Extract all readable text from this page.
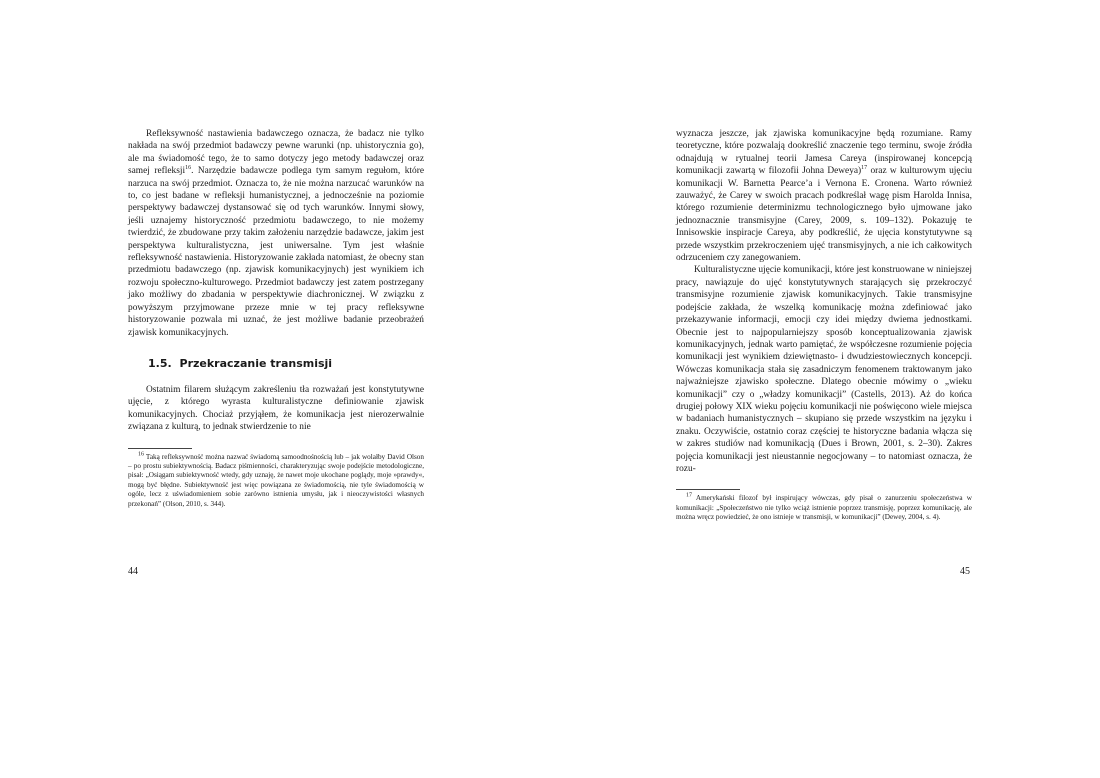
Refleksywność nastawienia badawczego oznacza, że badacz nie tylko nakłada na swój przedmiot badawczy pewne warunki (np. uhistorycznia go), ale ma świadomość tego, że to samo dotyczy jego metody badawczej oraz samej refleksji$^{16}$. Narzędzie badawcze podlega tym samym regułom, które narzuca na swój przedmiot. Oznacza to, że nie można narzucać warunków na to, co jest badane w refleksji humanistycznej, a jednocześnie na poziomie perspektywy badawczej dystansować się od tych warunków. Innymi słowy, jeśli uznajemy historyczność przedmiotu badawczego, to nie możemy twierdzić, że zbudowane przy takim założeniu narzędzie badawcze, jakim jest perspektywa kulturalistyczna, jest uniwersalne. Tym jest właśnie refleksywność nastawienia. Historyzowanie zakłada natomiast, że obecny stan przedmiotu badawczego (np. zjawisk komunikacyjnych) jest wynikiem ich rozwoju społeczno-kulturowego. Przedmiot badawczy jest zatem postrzegany jako możliwy do zbadania w perspektywie diachronicznej. W związku z powyższym przyjmowane przeze mnie w tej pracy refleksywne historyzowanie pozwala mi uznać, że jest możliwe badanie przeobrażeń zjawisk komunikacyjnych.

1.5. Przekraczanie transmisji

Ostatnim filarem służącym zakreśleniu tła rozważań jest konstytutywne ujęcie, z którego wyrasta kulturalistyczne definiowanie zjawisk komunikacyjnych. Chociaż przyjąłem, że komunikacja jest nierozerwalnie związana z kulturą, to jednak stwierdzenie to nie

$^{16}$ Taką refleksywność można nazwać świadomą samoodnośnością lub – jak wolałby David Olson – po prostu subiektywnością. Badacz piśmienności, charakteryzując swoje podejście metodologiczne, pisał: „Osiągam subiektywność wtedy, gdy uznaję, że nawet moje ukochane poglądy, moje »prawdy«, mogą być błędne. Subiektywność jest więc powiązana ze świadomością, nie tyle świadomością w ogóle, lecz z uświadomieniem sobie zarówno istnienia umysłu, jak i nieoczywistości własnych przekonań” (Olson, 2010, s. 344).

wyznacza jeszcze, jak zjawiska komunikacyjne będą rozumiane. Ramy teoretyczne, które pozwalają dookreślić znaczenie tego terminu, swoje źródła odnajdują w rytualnej teorii Jamesa Careya (inspirowanej koncepcją komunikacji zawartą w filozofii Johna Deweya)$^{17}$ oraz w kulturowym ujęciu komunikacji W. Barnetta Pearce’a i Vernona E. Cronena. Warto również zauważyć, że Carey w swoich pracach podkreślał wagę pism Harolda Innisa, którego rozumienie determinizmu technologicznego było ujmowane jako jednoznacznie transmisyjne (Carey, 2009, s. 109–132). Pokazuję te Innisowskie inspiracje Careya, aby podkreślić, że ujęcia konstytutywne są przede wszystkim przekroczeniem ujęć transmisyjnych, a nie ich całkowitych odrzuceniem czy zanegowaniem.

Kulturalistyczne ujęcie komunikacji, które jest konstruowane w niniejszej pracy, nawiązuje do ujęć konstytutywnych starających się przekroczyć transmisyjne rozumienie zjawisk komunikacyjnych. Takie transmisyjne podejście zakłada, że wszelką komunikację można zdefiniować jako przekazywanie informacji, emocji czy idei między dwiema jednostkami. Obecnie jest to najpopularniejszy sposób konceptualizowania zjawisk komunikacyjnych, jednak warto pamiętać, że współczesne rozumienie pojęcia komunikacji jest wynikiem dziewiętnasto- i dwudziestowiecznych koncepcji. Wówczas komunikacja stała się zasadniczym fenomenem traktowanym jako najważniejsze zjawisko społeczne. Dlatego obecnie mówimy o „wieku komunikacji” czy o „władzy komunikacji” (Castells, 2013). Aż do końca drugiej połowy XIX wieku pojęciu komunikacji nie poświęcono wiele miejsca w badaniach humanistycznych – skupiano się przede wszystkim na języku i znaku. Oczywiście, ostatnio coraz częściej te historyczne badania włącza się w zakres studiów nad komunikacją (Dues i Brown, 2001, s. 2–30). Zakres pojęcia komunikacji jest nieustannie negocjowany – to natomiast oznacza, że rozu-

$^{17}$ Amerykański filozof był inspirujący wówczas, gdy pisał o zanurzeniu społeczeństwa w komunikacji: „Społeczeństwo nie tylko wciąż istnienie poprzez transmisję, poprzez komunikację, ale można wręcz powiedzieć, że ono istnieje w transmisji, w komunikacji” (Dewey, 2004, s. 4).

44	45
